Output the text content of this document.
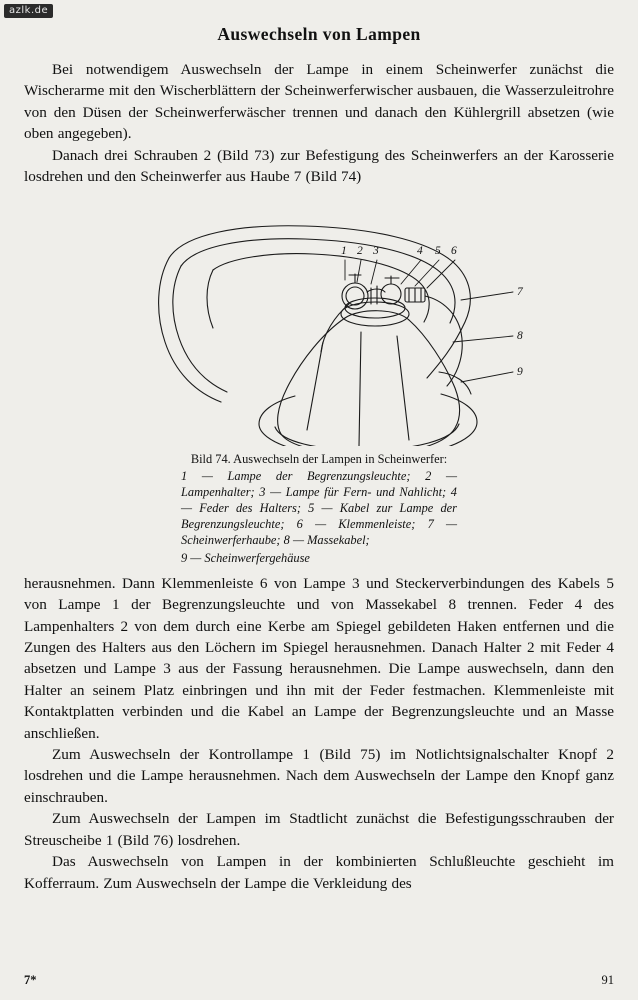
azlk.de
Auswechseln von Lampen

Bei notwendigem Auswechseln der Lampe in einem Scheinwerfer zunächst die Wischerarme mit den Wischerblättern der Scheinwerferwischer ausbauen, die Wasserzuleitrohre von den Düsen der Scheinwerferwäscher trennen und danach den Kühlergrill absetzen (wie oben angegeben).

Danach drei Schrauben 2 (Bild 73) zur Befestigung des Scheinwerfers an der Karosserie losdrehen und den Scheinwerfer aus Haube 7 (Bild 74)

1 2 3	4 5 6
7
8
9
Bild 74. Auswechseln der Lampen in Scheinwerfer:
1 — Lampe der Begrenzungsleuchte; 2 — Lampenhalter; 3 — Lampe für Fern- und Nahlicht; 4 — Feder des Halters; 5 — Kabel zur Lampe der Begrenzungsleuchte; 6 — Klemmenleiste; 7 — Scheinwerferhaube; 8 — Massekabel;
9 — Scheinwerfergehäuse

herausnehmen. Dann Klemmenleiste 6 von Lampe 3 und Steckerverbindungen des Kabels 5 von Lampe 1 der Begrenzungsleuchte und von Massekabel 8 trennen. Feder 4 des Lampenhalters 2 von dem durch eine Kerbe am Spiegel gebildeten Haken entfernen und die Zungen des Halters aus den Löchern im Spiegel herausnehmen. Danach Halter 2 mit Feder 4 absetzen und Lampe 3 aus der Fassung herausnehmen. Die Lampe auswechseln, dann den Halter an seinem Platz einbringen und ihn mit der Feder festmachen. Klemmenleiste mit Kontaktplatten verbinden und die Kabel an Lampe der Begrenzungsleuchte und an Masse anschließen.

Zum Auswechseln der Kontrollampe 1 (Bild 75) im Notlichtsignalschalter Knopf 2 losdrehen und die Lampe herausnehmen. Nach dem Auswechseln der Lampe den Knopf ganz einschrauben.

Zum Auswechseln der Lampen im Stadtlicht zunächst die Befestigungsschrauben der Streuscheibe 1 (Bild 76) losdrehen.

Das Auswechseln von Lampen in der kombinierten Schlußleuchte geschieht im Kofferraum. Zum Auswechseln der Lampe die Verkleidung des

7*	91
